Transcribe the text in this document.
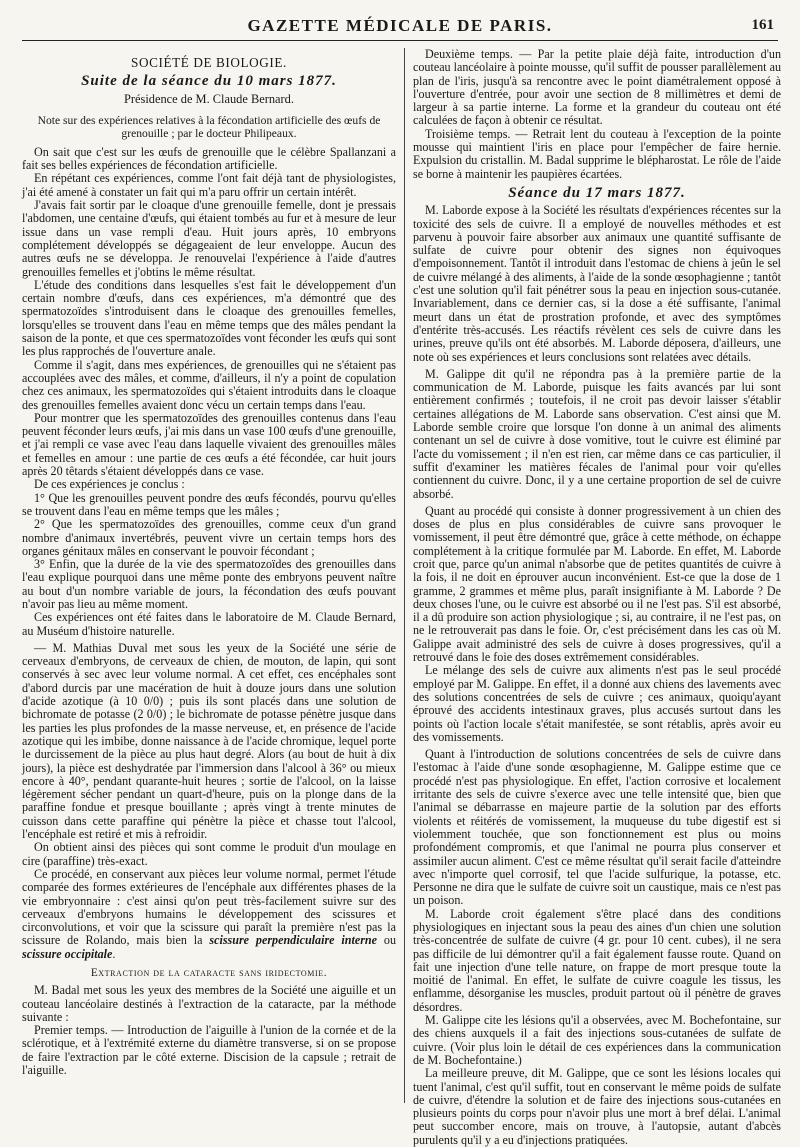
GAZETTE MÉDICALE DE PARIS.	161

SOCIÉTÉ DE BIOLOGIE.

Suite de la séance du 10 mars 1877.

Présidence de M. Claude Bernard.

Note sur des expériences relatives à la fécondation artificielle des œufs de grenouille ; par le docteur Philipeaux.

On sait que c'est sur les œufs de grenouille que le célèbre Spallanzani a fait ses belles expériences de fécondation artificielle.

En répétant ces expériences, comme l'ont fait déjà tant de physiologistes, j'ai été amené à constater un fait qui m'a paru offrir un certain intérêt.

J'avais fait sortir par le cloaque d'une grenouille femelle, dont je pressais l'abdomen, une centaine d'œufs, qui étaient tombés au fur et à mesure de leur issue dans un vase rempli d'eau. Huit jours après, 10 embryons complétement développés se dégageaient de leur enveloppe. Aucun des autres œufs ne se développa. Je renouvelai l'expérience à l'aide d'autres grenouilles femelles et j'obtins le même résultat.

L'étude des conditions dans lesquelles s'est fait le développement d'un certain nombre d'œufs, dans ces expériences, m'a démontré que des spermatozoïdes s'introduisent dans le cloaque des grenouilles femelles, lorsqu'elles se trouvent dans l'eau en même temps que des mâles pendant la saison de la ponte, et que ces spermatozoïdes vont féconder les œufs qui sont les plus rapprochés de l'ouverture anale.

Comme il s'agit, dans mes expériences, de grenouilles qui ne s'étaient pas accouplées avec des mâles, et comme, d'ailleurs, il n'y a point de copulation chez ces animaux, les spermatozoïdes qui s'étaient introduits dans le cloaque des grenouilles femelles avaient donc vécu un certain temps dans l'eau.

Pour montrer que les spermatozoïdes des grenouilles contenus dans l'eau peuvent féconder leurs œufs, j'ai mis dans un vase 100 œufs d'une grenouille, et j'ai rempli ce vase avec l'eau dans laquelle vivaient des grenouilles mâles et femelles en amour : une partie de ces œufs a été fécondée, car huit jours après 20 têtards s'étaient développés dans ce vase.

De ces expériences je conclus :

1° Que les grenouilles peuvent pondre des œufs fécondés, pourvu qu'elles se trouvent dans l'eau en même temps que les mâles ;

2° Que les spermatozoïdes des grenouilles, comme ceux d'un grand nombre d'animaux invertébrés, peuvent vivre un certain temps hors des organes génitaux mâles en conservant le pouvoir fécondant ;

3° Enfin, que la durée de la vie des spermatozoïdes des grenouilles dans l'eau explique pourquoi dans une même ponte des embryons peuvent naître au bout d'un nombre variable de jours, la fécondation des œufs pouvant n'avoir pas lieu au même moment.

Ces expériences ont été faites dans le laboratoire de M. Claude Bernard, au Muséum d'histoire naturelle.

— M. Mathias Duval met sous les yeux de la Société une série de cerveaux d'embryons, de cerveaux de chien, de mouton, de lapin, qui sont conservés à sec avec leur volume normal. A cet effet, ces encéphales sont d'abord durcis par une macération de huit à douze jours dans une solution d'acide azotique (à 10 0/0) ; puis ils sont placés dans une solution de bichromate de potasse (2 0/0) ; le bichromate de potasse pénètre jusque dans les parties les plus profondes de la masse nerveuse, et, en présence de l'acide azotique qui les imbibe, donne naissance à de l'acide chromique, lequel porte le durcissement de la pièce au plus haut degré. Alors (au bout de huit à dix jours), la pièce est deshydratée par l'immersion dans l'alcool à 36° ou mieux encore à 40°, pendant quarante-huit heures ; sortie de l'alcool, on la laisse légèrement sécher pendant un quart-d'heure, puis on la plonge dans de la paraffine fondue et presque bouillante ; après vingt à trente minutes de cuisson dans cette paraffine qui pénètre la pièce et chasse tout l'alcool, l'encéphale est retiré et mis à refroidir.

On obtient ainsi des pièces qui sont comme le produit d'un moulage en cire (paraffine) très-exact.

Ce procédé, en conservant aux pièces leur volume normal, permet l'étude comparée des formes extérieures de l'encéphale aux différentes phases de la vie embryonnaire : c'est ainsi qu'on peut très-facilement suivre sur des cerveaux d'embryons humains le développement des scissures et circonvolutions, et voir que la scissure qui paraît la première n'est pas la scissure de Rolando, mais bien la scissure perpendiculaire interne ou scissure occipitale.

Extraction de la cataracte sans iridectomie.

M. Badal met sous les yeux des membres de la Société une aiguille et un couteau lancéolaire destinés à l'extraction de la cataracte, par la méthode suivante :

Premier temps. — Introduction de l'aiguille à l'union de la cornée et de la sclérotique, et à l'extrémité externe du diamètre transverse, si on se propose de faire l'extraction par le côté externe. Discision de la capsule ; retrait de l'aiguille.

Deuxième temps. — Par la petite plaie déjà faite, introduction d'un couteau lancéolaire à pointe mousse, qu'il suffit de pousser parallèlement au plan de l'iris, jusqu'à sa rencontre avec le point diamétralement opposé à l'ouverture d'entrée, pour avoir une section de 8 millimètres et demi de largeur à sa partie interne. La forme et la grandeur du couteau ont été calculées de façon à obtenir ce résultat.

Troisième temps. — Retrait lent du couteau à l'exception de la pointe mousse qui maintient l'iris en place pour l'empêcher de faire hernie. Expulsion du cristallin. M. Badal supprime le blépharostat. Le rôle de l'aide se borne à maintenir les paupières écartées.

Séance du 17 mars 1877.

M. Laborde expose à la Société les résultats d'expériences récentes sur la toxicité des sels de cuivre. Il a employé de nouvelles méthodes et est parvenu à pouvoir faire absorber aux animaux une quantité suffisante de sulfate de cuivre pour obtenir des signes non équivoques d'empoisonnement. Tantôt il introduit dans l'estomac de chiens à jeûn le sel de cuivre mélangé à des aliments, à l'aide de la sonde œsophagienne ; tantôt c'est une solution qu'il fait pénétrer sous la peau en injection sous-cutanée. Invariablement, dans ce dernier cas, si la dose a été suffisante, l'animal meurt dans un état de prostration profonde, et avec des symptômes d'entérite très-accusés. Les réactifs révèlent ces sels de cuivre dans les urines, preuve qu'ils ont été absorbés. M. Laborde déposera, d'ailleurs, une note où ses expériences et leurs conclusions sont relatées avec détails.

M. Galippe dit qu'il ne répondra pas à la première partie de la communication de M. Laborde, puisque les faits avancés par lui sont entièrement confirmés ; toutefois, il ne croit pas devoir laisser s'établir certaines allégations de M. Laborde sans observation. C'est ainsi que M. Laborde semble croire que lorsque l'on donne à un animal des aliments contenant un sel de cuivre à dose vomitive, tout le cuivre est éliminé par l'acte du vomissement ; il n'en est rien, car même dans ce cas particulier, il suffit d'examiner les matières fécales de l'animal pour voir qu'elles contiennent du cuivre. Donc, il y a une certaine proportion de sel de cuivre absorbé.

Quant au procédé qui consiste à donner progressivement à un chien des doses de plus en plus considérables de cuivre sans provoquer le vomissement, il peut être démontré que, grâce à cette méthode, on échappe complétement à la critique formulée par M. Laborde. En effet, M. Laborde croit que, parce qu'un animal n'absorbe que de petites quantités de cuivre à la fois, il ne doit en éprouver aucun inconvénient. Est-ce que la dose de 1 gramme, 2 grammes et même plus, paraît insignifiante à M. Laborde ? De deux choses l'une, ou le cuivre est absorbé ou il ne l'est pas. S'il est absorbé, il a dû produire son action physiologique ; si, au contraire, il ne l'est pas, on ne le retrouverait pas dans le foie. Or, c'est précisément dans les cas où M. Galippe avait administré des sels de cuivre à doses progressives, qu'il a retrouvé dans le foie des doses extrêmement considérables.

Le mélange des sels de cuivre aux aliments n'est pas le seul procédé employé par M. Galippe. En effet, il a donné aux chiens des lavements avec des solutions concentrées de sels de cuivre ; ces animaux, quoiqu'ayant éprouvé des accidents intestinaux graves, plus accusés surtout dans les points où l'action locale s'était manifestée, se sont rétablis, après avoir eu des vomissements.

Quant à l'introduction de solutions concentrées de sels de cuivre dans l'estomac à l'aide d'une sonde œsophagienne, M. Galippe estime que ce procédé n'est pas physiologique. En effet, l'action corrosive et localement irritante des sels de cuivre s'exerce avec une telle intensité que, bien que l'animal se débarrasse en majeure partie de la solution par des efforts violents et réitérés de vomissement, la muqueuse du tube digestif est si violemment touchée, que son fonctionnement est plus ou moins profondément compromis, et que l'animal ne pourra plus conserver et assimiler aucun aliment. C'est ce même résultat qu'il serait facile d'atteindre avec n'importe quel corrosif, tel que l'acide sulfurique, la potasse, etc. Personne ne dira que le sulfate de cuivre soit un caustique, mais ce n'est pas un poison.

M. Laborde croit également s'être placé dans des conditions physiologiques en injectant sous la peau des aines d'un chien une solution très-concentrée de sulfate de cuivre (4 gr. pour 10 cent. cubes), il ne sera pas difficile de lui démontrer qu'il a fait également fausse route. Quand on fait une injection d'une telle nature, on frappe de mort presque toute la moitié de l'animal. En effet, le sulfate de cuivre coagule les tissus, les enflamme, désorganise les muscles, produit partout où il pénètre de graves désordres.

M. Galippe cite les lésions qu'il a observées, avec M. Bochefontaine, sur des chiens auxquels il a fait des injections sous-cutanées de sulfate de cuivre. (Voir plus loin le détail de ces expériences dans la communication de M. Bochefontaine.)

La meilleure preuve, dit M. Galippe, que ce sont les lésions locales qui tuent l'animal, c'est qu'il suffit, tout en conservant le même poids de sulfate de cuivre, d'étendre la solution et de faire des injections sous-cutanées en plusieurs points du corps pour n'avoir plus une mort à bref délai. L'animal peut succomber encore, mais on trouve, à l'autopsie, autant d'abcès purulents qu'il y a eu d'injections pratiquées.
